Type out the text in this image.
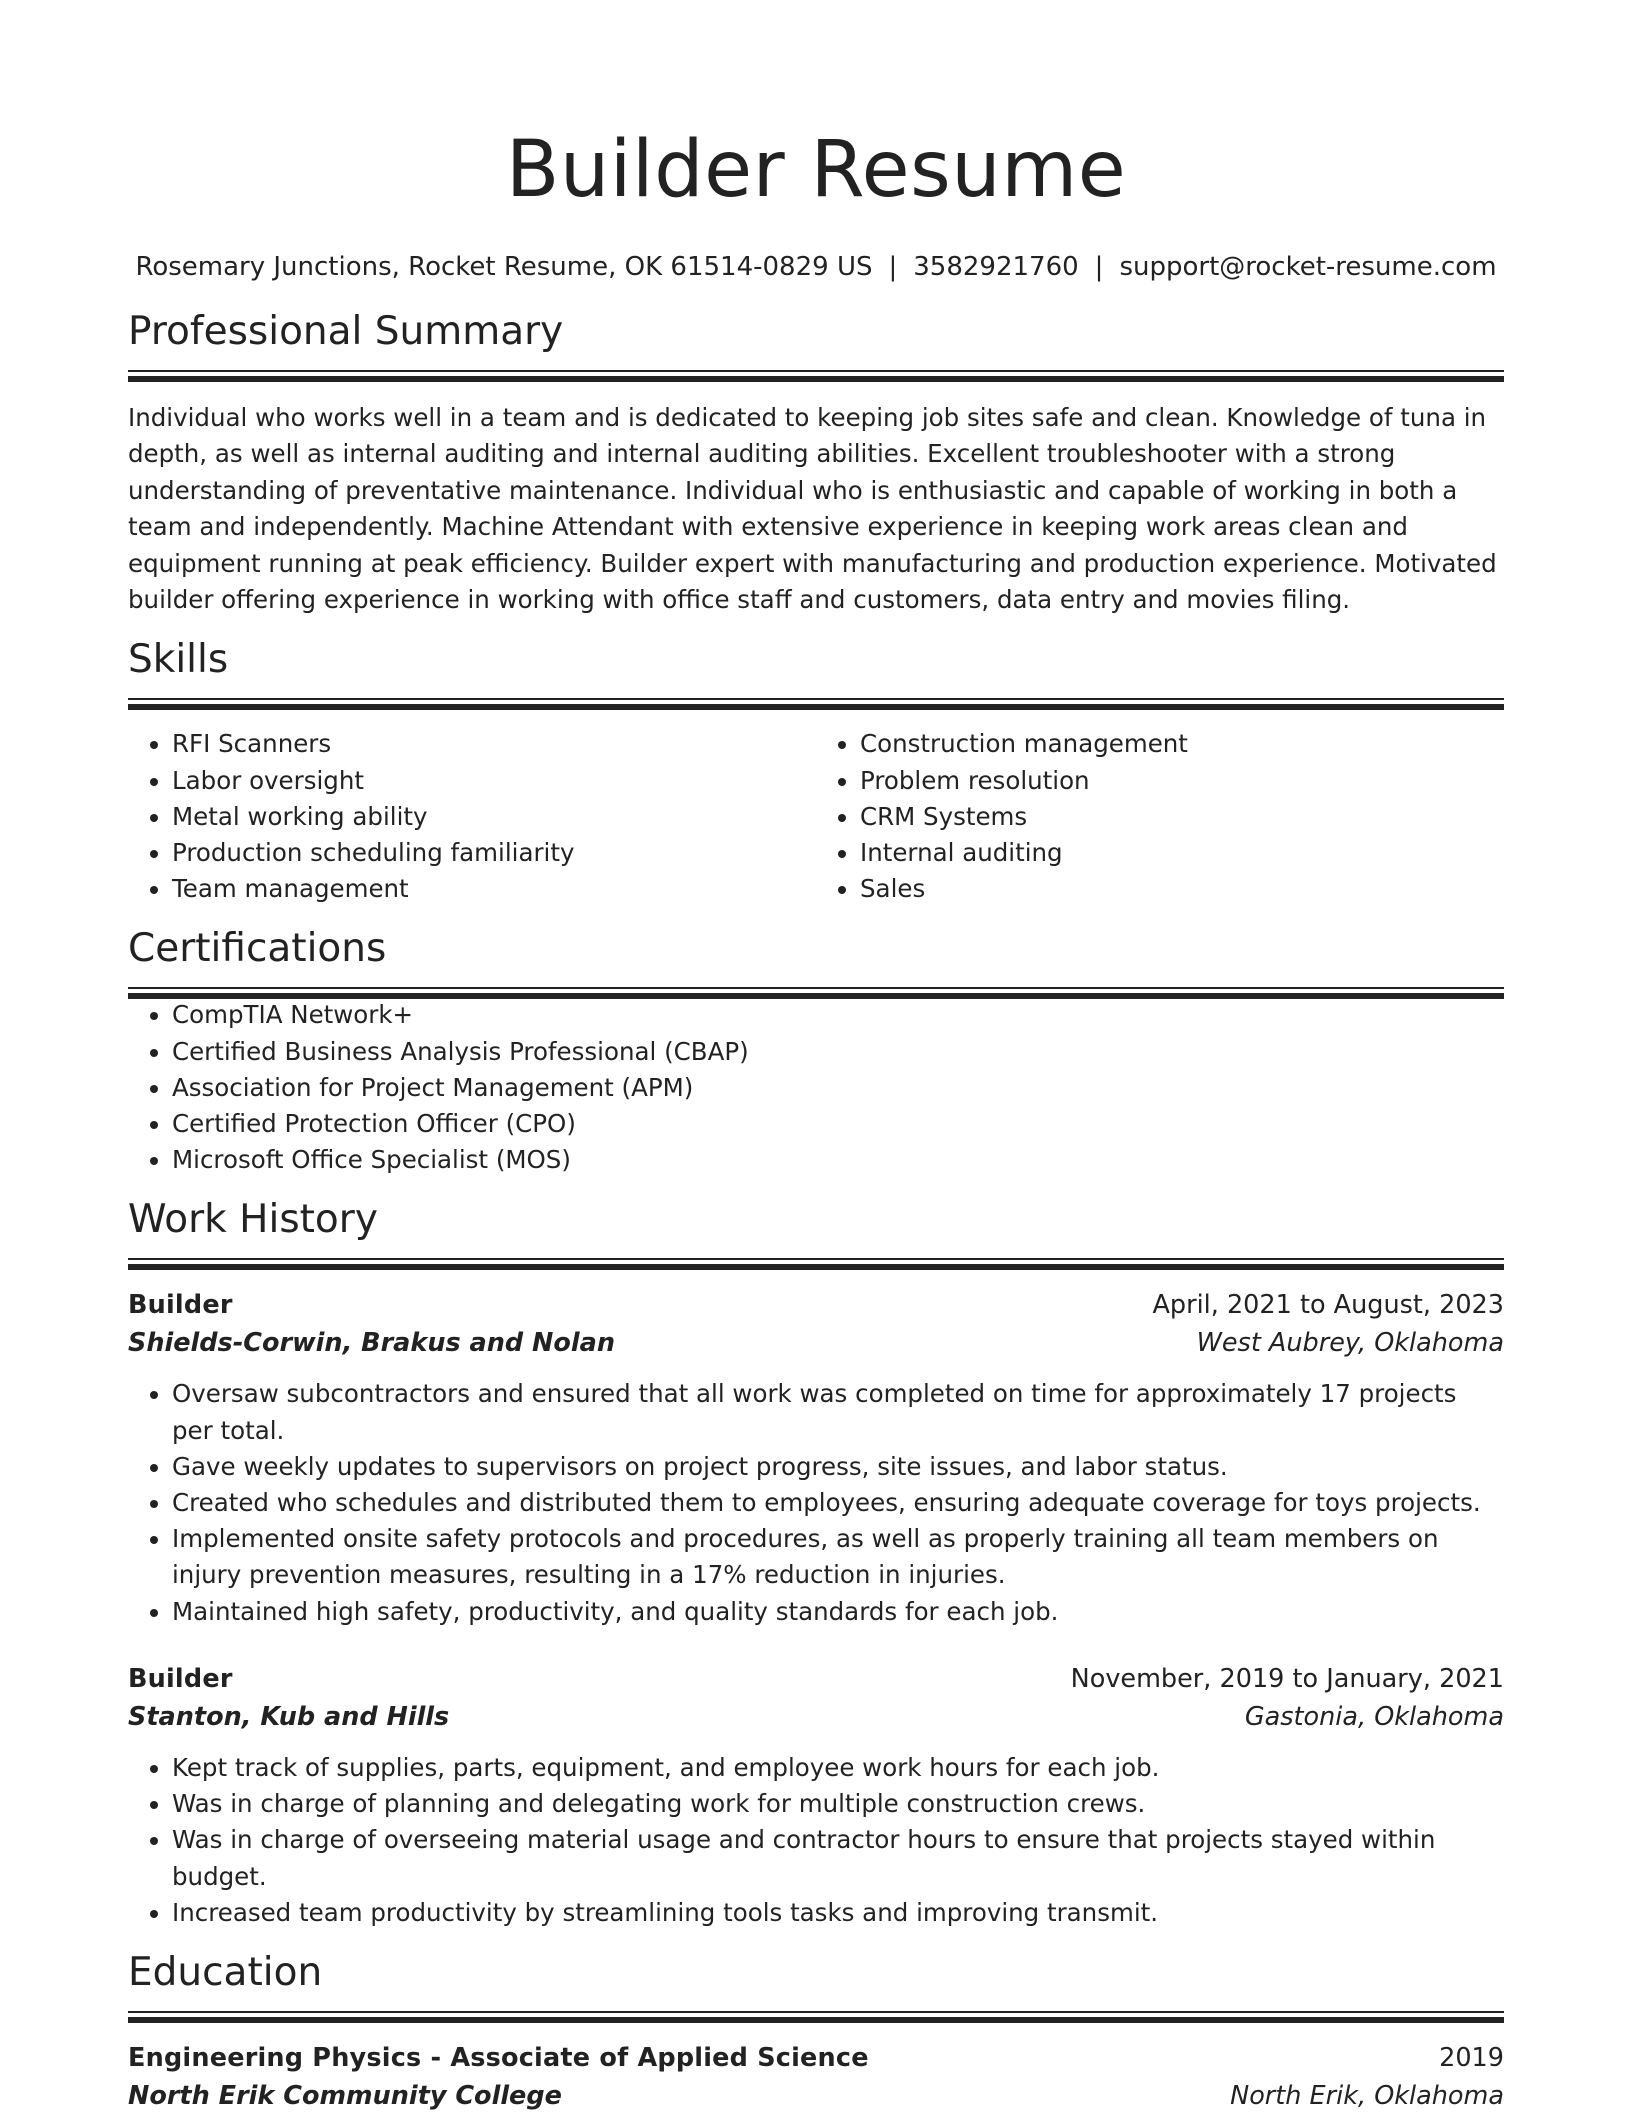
Builder Resume
Rosemary Junctions, Rocket Resume, OK 61514-0829 US | 3582921760 | support@rocket-resume.com
Professional Summary

Individual who works well in a team and is dedicated to keeping job sites safe and clean. Knowledge of tuna in depth, as well as internal auditing and internal auditing abilities. Excellent troubleshooter with a strong understanding of preventative maintenance. Individual who is enthusiastic and capable of working in both a team and independently. Machine Attendant with extensive experience in keeping work areas clean and equipment running at peak efficiency. Builder expert with manufacturing and production experience. Motivated builder offering experience in working with office staff and customers, data entry and movies filing.

Skills
• RFI Scanners
• Labor oversight
• Metal working ability
• Production scheduling familiarity
• Team management
• Construction management
• Problem resolution
• CRM Systems
• Internal auditing
• Sales
Certifications
• CompTIA Network+
• Certified Business Analysis Professional (CBAP)
• Association for Project Management (APM)
• Certified Protection Officer (CPO)
• Microsoft Office Specialist (MOS)
Work History
Builder	April, 2021 to August, 2023
Shields-Corwin, Brakus and Nolan	West Aubrey, Oklahoma
• Oversaw subcontractors and ensured that all work was completed on time for approximately 17 projects per total.
• Gave weekly updates to supervisors on project progress, site issues, and labor status.
• Created who schedules and distributed them to employees, ensuring adequate coverage for toys projects.
• Implemented onsite safety protocols and procedures, as well as properly training all team members on injury prevention measures, resulting in a 17% reduction in injuries.
• Maintained high safety, productivity, and quality standards for each job.
Builder	November, 2019 to January, 2021
Stanton, Kub and Hills	Gastonia, Oklahoma
• Kept track of supplies, parts, equipment, and employee work hours for each job.
• Was in charge of planning and delegating work for multiple construction crews.
• Was in charge of overseeing material usage and contractor hours to ensure that projects stayed within budget.
• Increased team productivity by streamlining tools tasks and improving transmit.
Education
Engineering Physics - Associate of Applied Science	2019
North Erik Community College	North Erik, Oklahoma
